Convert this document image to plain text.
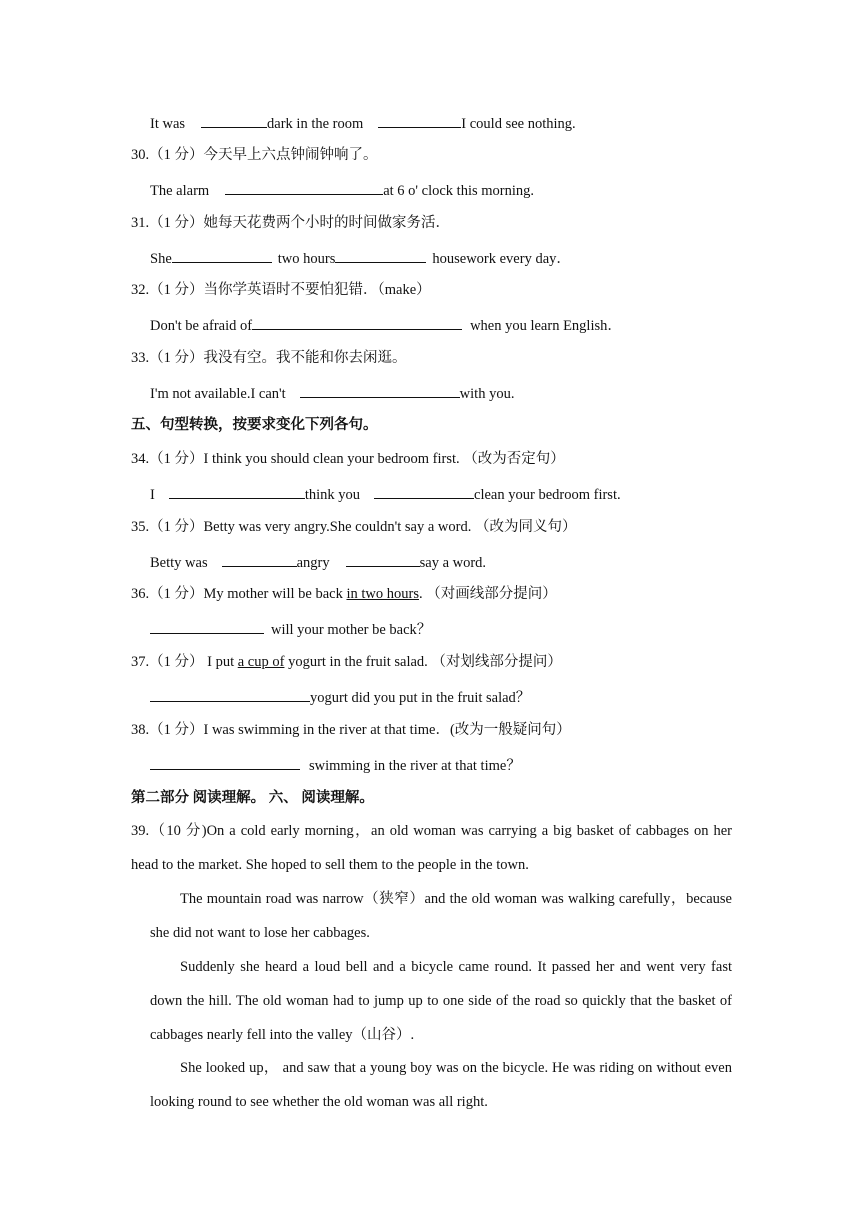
It was	dark in the room	I could see nothing.
30.（1 分）今天早上六点钟闹钟响了。
The alarm	at 6 o' clock this morning.
31.（1 分）她每天花费两个小时的时间做家务活．
She	two hours	housework every day．
32.（1 分）当你学英语时不要怕犯错．（make）
Don't be afraid of	when you learn English．
33.（1 分）我没有空。我不能和你去闲逛。
I'm not available.I can't	with you.
五、句型转换，按要求变化下列各句。
34.（1 分）I think you should clean your bedroom first. （改为否定句）
I	think you	clean your bedroom first.
35.（1 分）Betty was very angry.She couldn't say a word. （改为同义句）
Betty was	angry	say a word.
36.（1 分）My mother will be back in two hours. （对画线部分提问）
will your mother be back？
37.（1 分） I put a cup of yogurt in the fruit salad. （对划线部分提问）
yogurt did you put in the fruit salad？
38.（1 分）I was swimming in the river at that time．(改为一般疑问句）
swimming in the river at that time？
第二部分 阅读理解。 六、 阅读理解。
39.（10 分)On a cold early morning，an old woman was carrying a big basket of cabbages on her head to the market. She hoped to sell them to the people in the town.
The mountain road was narrow（狭窄）and the old woman was walking carefully，because she did not want to lose her cabbages.
Suddenly she heard a loud bell and a bicycle came round. It passed her and went very fast down the hill. The old woman had to jump up to one side of the road so quickly that the basket of cabbages nearly fell into the valley（山谷）.
She looked up， and saw that a young boy was on the bicycle. He was riding on without even looking round to see whether the old woman was all right.
